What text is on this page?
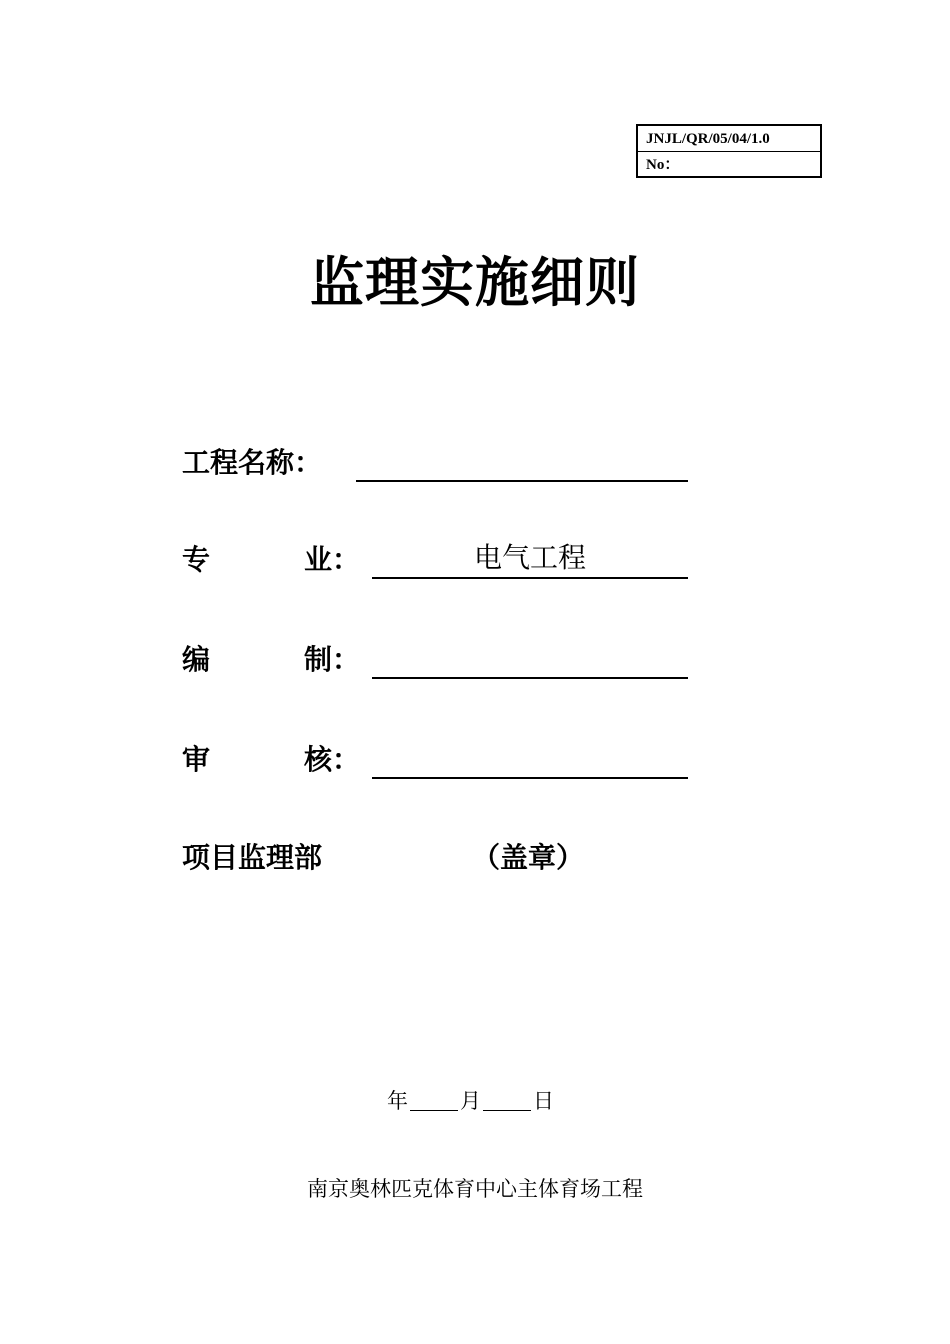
JNJL/QR/05/04/1.0
No：
监理实施细则
工程名称：
专	业：	电气工程
编	制：
审	核：
项目监理部	（盖章）
年 月 日
南京奥林匹克体育中心主体育场工程
